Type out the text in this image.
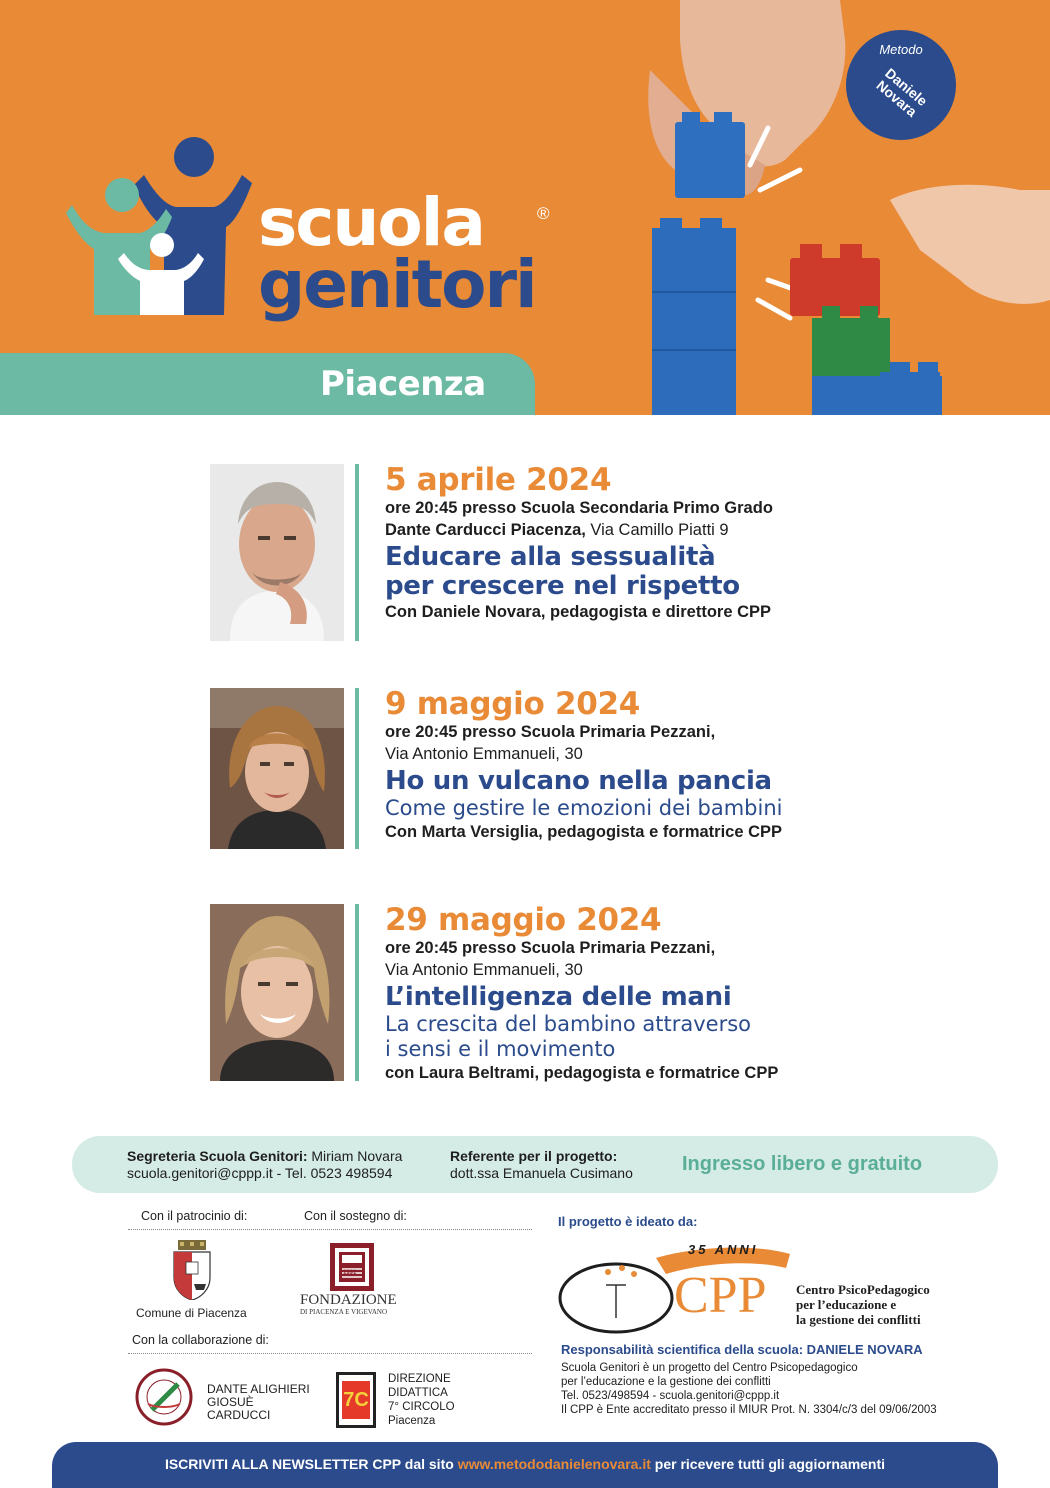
scuola
genitori
®
Metodo
Daniele Novara
Piacenza
5 aprile 2024
ore 20:45 presso Scuola Secondaria Primo Grado
Dante Carducci Piacenza, Via Camillo Piatti 9
Educare alla sessualità
per crescere nel rispetto
Con Daniele Novara, pedagogista e direttore CPP
9 maggio 2024
ore 20:45 presso Scuola Primaria Pezzani,
Via Antonio Emmanueli, 30
Ho un vulcano nella pancia
Come gestire le emozioni dei bambini
Con Marta Versiglia, pedagogista e formatrice CPP
29 maggio 2024
ore 20:45 presso Scuola Primaria Pezzani,
Via Antonio Emmanueli, 30
L’intelligenza delle mani
La crescita del bambino attraverso
i sensi e il movimento
con Laura Beltrami, pedagogista e formatrice CPP
Segreteria Scuola Genitori: Miriam Novara
scuola.genitori@cppp.it - Tel. 0523 498594
Referente per il progetto:
dott.ssa Emanuela Cusimano Ingresso libero e gratuito
Con il patrocinio di:	Con il sostegno di:
Comune di Piacenza
1991
FONDAZIONE
DI PIACENZA E VIGEVANO
Con la collaborazione di:
DANTE ALIGHIERI
GIOSUÈ
CARDUCCI
7C
DIREZIONE
DIDATTICA
7° CIRCOLO
Piacenza
Il progetto è ideato da:
35 ANNI
CPP Centro PsicoPedagogico
per l’educazione e
la gestione dei conflitti
Responsabilità scientifica della scuola: DANIELE NOVARA
Scuola Genitori è un progetto del Centro Psicopedagogico
per l’educazione e la gestione dei conflitti
Tel. 0523/498594 - scuola.genitori@cppp.it
Il CPP è Ente accreditato presso il MIUR Prot. N. 3304/c/3 del 09/06/2003
ISCRIVITI ALLA NEWSLETTER CPP dal sito www.metododanielenovara.it per ricevere tutti gli aggiornamenti
